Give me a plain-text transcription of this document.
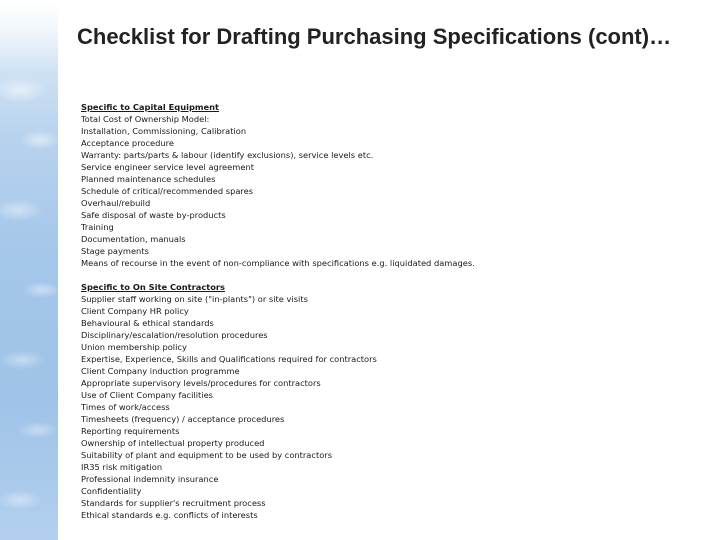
Checklist for Drafting Purchasing Specifications (cont)…
Specific to Capital Equipment
Total Cost of Ownership Model:
Installation, Commissioning, Calibration
Acceptance procedure
Warranty: parts/parts & labour (identify exclusions), service levels etc.
Service engineer service level agreement
Planned maintenance schedules
Schedule of critical/recommended spares
Overhaul/rebuild
Safe disposal of waste by-products
Training
Documentation, manuals
Stage payments
Means of recourse in the event of non-compliance with specifications e.g. liquidated damages.
Specific to On Site Contractors
Supplier staff working on site ("in-plants") or site visits
Client Company HR policy
Behavioural & ethical standards
Disciplinary/escalation/resolution procedures
Union membership policy
Expertise, Experience, Skills and Qualifications required for contractors
Client Company induction programme
Appropriate supervisory levels/procedures for contractors
Use of Client Company facilities
Times of work/access
Timesheets (frequency) / acceptance procedures
Reporting requirements
Ownership of intellectual property produced
Suitability of plant and equipment to be used by contractors
IR35 risk mitigation
Professional indemnity insurance
Confidentiality
Standards for supplier's recruitment process
Ethical standards e.g. conflicts of interests
